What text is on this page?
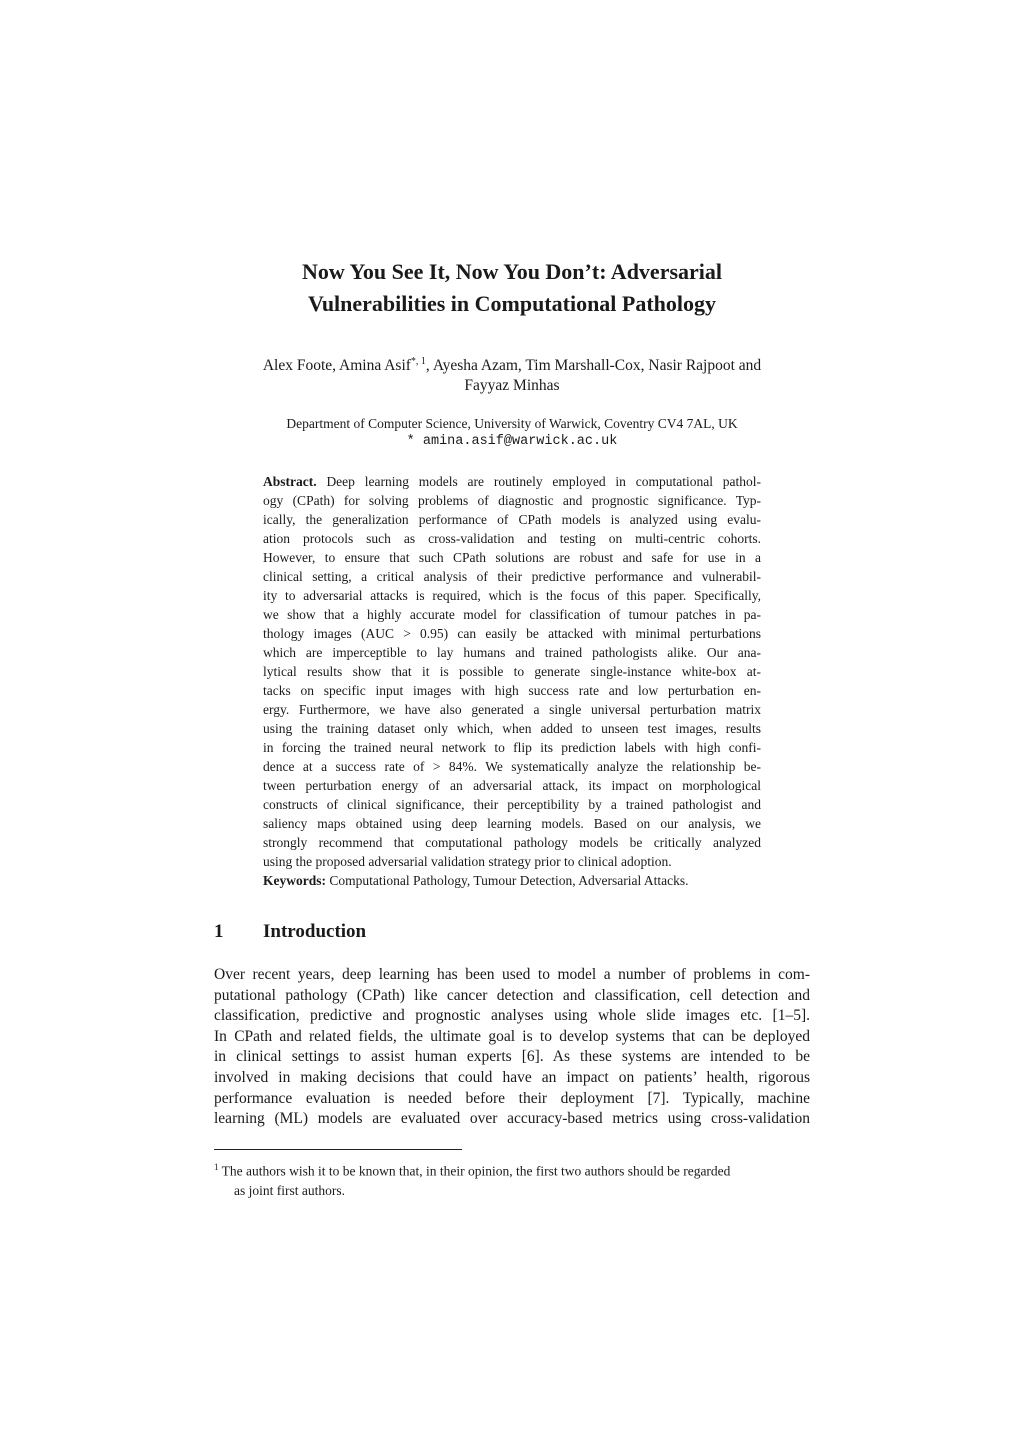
Now You See It, Now You Don’t: Adversarial
Vulnerabilities in Computational Pathology
Alex Foote, Amina Asif$^{*, 1}$, Ayesha Azam, Tim Marshall-Cox, Nasir Rajpoot and
Fayyaz Minhas
Department of Computer Science, University of Warwick, Coventry CV4 7AL, UK
* amina.asif@warwick.ac.uk
Abstract. Deep learning models are routinely employed in computational pathol-
ogy (CPath) for solving problems of diagnostic and prognostic significance. Typ-
ically, the generalization performance of CPath models is analyzed using evalu-
ation protocols such as cross-validation and testing on multi-centric cohorts.
However, to ensure that such CPath solutions are robust and safe for use in a
clinical setting, a critical analysis of their predictive performance and vulnerabil-
ity to adversarial attacks is required, which is the focus of this paper. Specifically,
we show that a highly accurate model for classification of tumour patches in pa-
thology images (AUC > 0.95) can easily be attacked with minimal perturbations
which are imperceptible to lay humans and trained pathologists alike. Our ana-
lytical results show that it is possible to generate single-instance white-box at-
tacks on specific input images with high success rate and low perturbation en-
ergy. Furthermore, we have also generated a single universal perturbation matrix
using the training dataset only which, when added to unseen test images, results
in forcing the trained neural network to flip its prediction labels with high confi-
dence at a success rate of > 84%. We systematically analyze the relationship be-
tween perturbation energy of an adversarial attack, its impact on morphological
constructs of clinical significance, their perceptibility by a trained pathologist and
saliency maps obtained using deep learning models. Based on our analysis, we
strongly recommend that computational pathology models be critically analyzed
using the proposed adversarial validation strategy prior to clinical adoption.
Keywords: Computational Pathology, Tumour Detection, Adversarial Attacks.
1 Introduction
Over recent years, deep learning has been used to model a number of problems in com-
putational pathology (CPath) like cancer detection and classification, cell detection and
classification, predictive and prognostic analyses using whole slide images etc. [1–5].
In CPath and related fields, the ultimate goal is to develop systems that can be deployed
in clinical settings to assist human experts [6]. As these systems are intended to be
involved in making decisions that could have an impact on patients’ health, rigorous
performance evaluation is needed before their deployment [7]. Typically, machine
learning (ML) models are evaluated over accuracy-based metrics using cross-validation
$^1$ The authors wish it to be known that, in their opinion, the first two authors should be regarded
as joint first authors.
